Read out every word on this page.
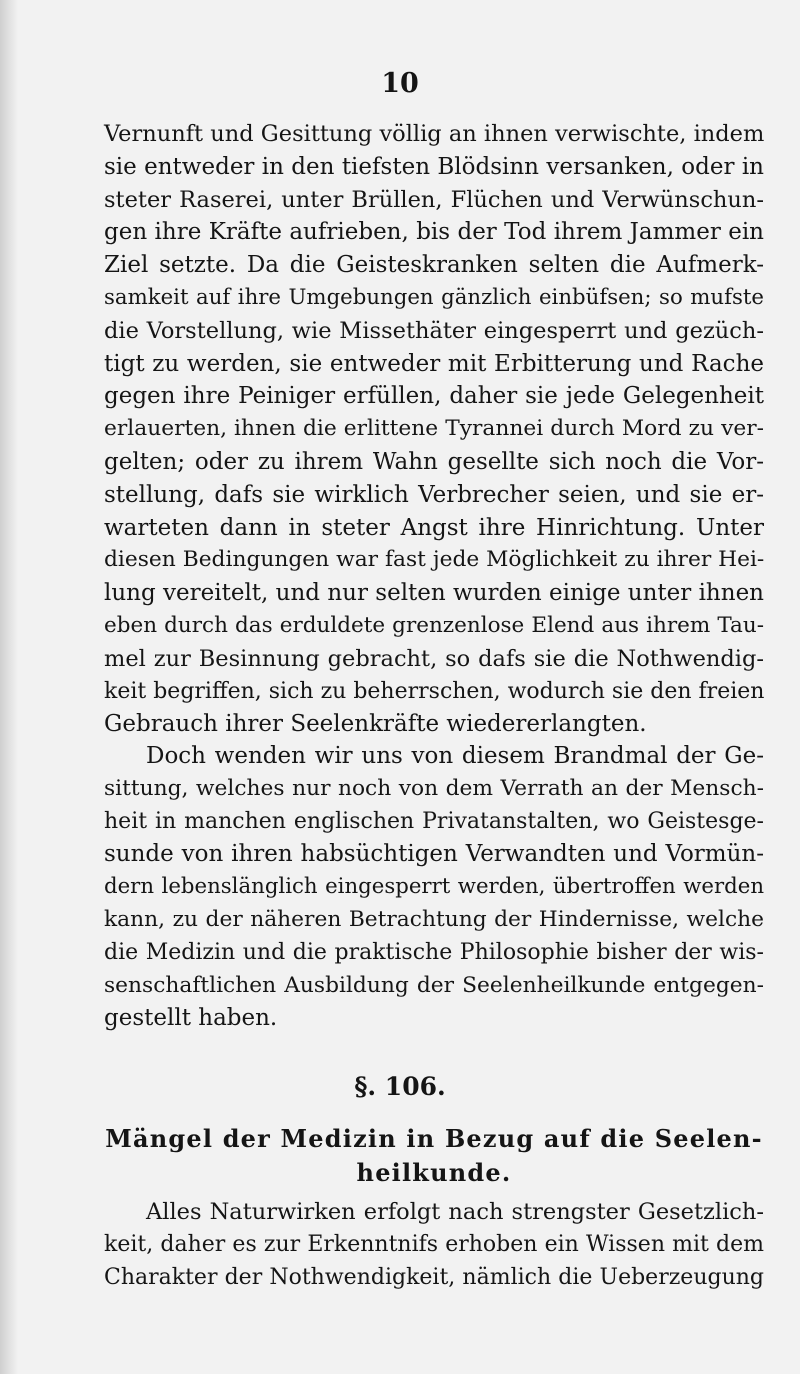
10
Vernunft und Gesittung völlig an ihnen verwischte, indem
sie entweder in den tiefsten Blödsinn versanken, oder in
steter Raserei, unter Brüllen, Flüchen und Verwünschun-
gen ihre Kräfte aufrieben, bis der Tod ihrem Jammer ein
Ziel setzte. Da die Geisteskranken selten die Aufmerk-
samkeit auf ihre Umgebungen gänzlich einbüfsen; so mufste
die Vorstellung, wie Missethäter eingesperrt und gezüch-
tigt zu werden, sie entweder mit Erbitterung und Rache
gegen ihre Peiniger erfüllen, daher sie jede Gelegenheit
erlauerten, ihnen die erlittene Tyrannei durch Mord zu ver-
gelten; oder zu ihrem Wahn gesellte sich noch die Vor-
stellung, dafs sie wirklich Verbrecher seien, und sie er-
warteten dann in steter Angst ihre Hinrichtung. Unter
diesen Bedingungen war fast jede Möglichkeit zu ihrer Hei-
lung vereitelt, und nur selten wurden einige unter ihnen
eben durch das erduldete grenzenlose Elend aus ihrem Tau-
mel zur Besinnung gebracht, so dafs sie die Nothwendig-
keit begriffen, sich zu beherrschen, wodurch sie den freien
Gebrauch ihrer Seelenkräfte wiedererlangten.
Doch wenden wir uns von diesem Brandmal der Ge-
sittung, welches nur noch von dem Verrath an der Mensch-
heit in manchen englischen Privatanstalten, wo Geistesge-
sunde von ihren habsüchtigen Verwandten und Vormün-
dern lebenslänglich eingesperrt werden, übertroffen werden
kann, zu der näheren Betrachtung der Hindernisse, welche
die Medizin und die praktische Philosophie bisher der wis-
senschaftlichen Ausbildung der Seelenheilkunde entgegen-
gestellt haben.
§. 106.
Mängel der Medizin in Bezug auf die Seelen-
heilkunde.
Alles Naturwirken erfolgt nach strengster Gesetzlich-
keit, daher es zur Erkenntnifs erhoben ein Wissen mit dem
Charakter der Nothwendigkeit, nämlich die Ueberzeugung
